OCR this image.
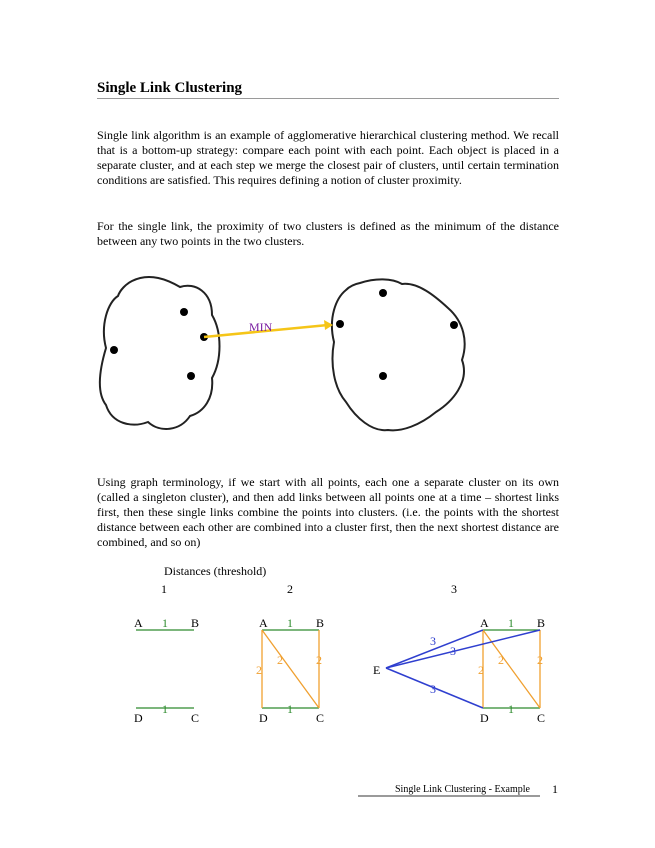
Single Link Clustering

Single link algorithm is an example of agglomerative hierarchical clustering method. We recall that is a bottom-up strategy: compare each point with each point. Each object is placed in a separate cluster, and at each step we merge the closest pair of clusters, until certain termination conditions are satisfied. This requires defining a notion of cluster proximity.

For the single link, the proximity of two clusters is defined as the minimum of the distance between any two points in the two clusters.

MIN

Using graph terminology, if we start with all points, each one a separate cluster on its own (called a singleton cluster), and then add links between all points one at a time – shortest links first, then these single links combine the points into clusters. (i.e. the points with the shortest distance between each other are combined into a cluster first, then the next shortest distance are combined, and so on)

Distances (threshold)
1	2	3
A	B
D	C
1
1
A	B
D	C
1
1
2
2
2
A	B
D	C
E
1
1
2
2
2
3
3
3
Single Link Clustering - Example 1
